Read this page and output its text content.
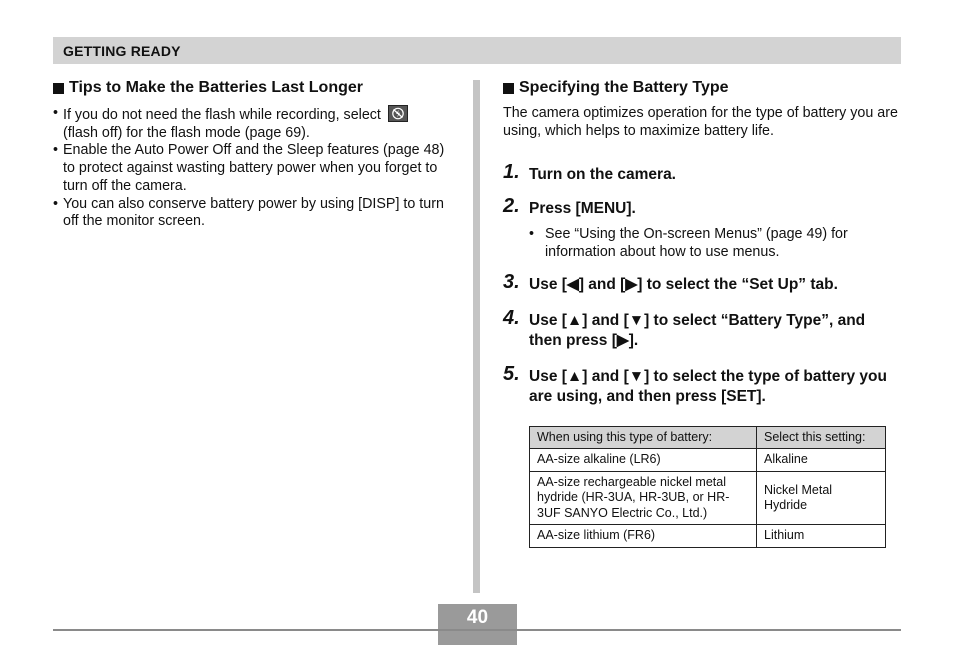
GETTING READY
Tips to Make the Batteries Last Longer
• If you do not need the flash while recording, select

(flash off) for the flash mode (page 69).
• Enable the Auto Power Off and the Sleep features (page 48) to protect against wasting battery power when you forget to turn off the camera.
• You can also conserve battery power by using [DISP] to turn off the monitor screen.
Specifying the Battery Type

The camera optimizes operation for the type of battery you are using, which helps to maximize battery life.

1. Turn on the camera.
2. Press [MENU].
• See “Using the On-screen Menus” (page 49) for information about how to use menus.
3. Use [◀] and [▶] to select the “Set Up” tab.
4. Use [▲] and [▼] to select “Battery Type”, and then press [▶].
5. Use [▲] and [▼] to select the type of battery you are using, and then press [SET].
When using this type of battery:	Select this setting:
AA-size alkaline (LR6)	Alkaline
AA-size rechargeable nickel metal hydride (HR-3UA, HR-3UB, or HR-3UF SANYO Electric Co., Ltd.)	Nickel Metal Hydride
AA-size lithium (FR6)	Lithium
40
